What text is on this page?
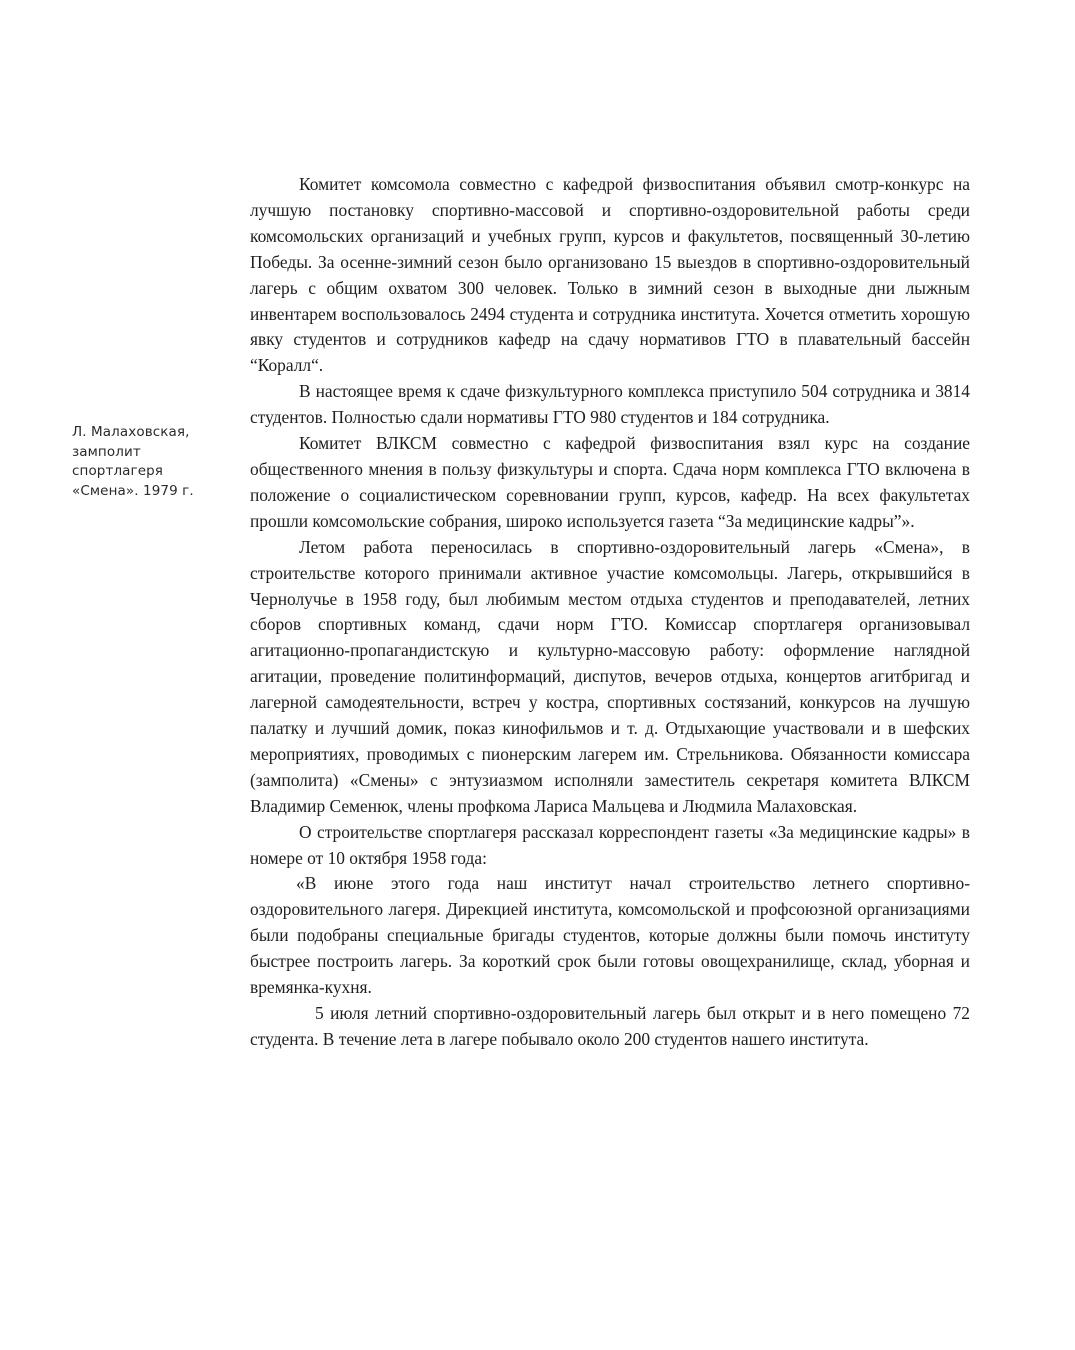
Л. Малаховская,
замполит
спортлагеря
«Смена». 1979 г.

Комитет комсомола совместно с кафедрой физвоспитания объявил смотр-конкурс на лучшую постановку спортивно-массовой и спортивно-оздоровительной работы среди комсомольских организаций и учебных групп, курсов и факультетов, посвященный 30-летию Победы. За осенне-зимний сезон было организовано 15 выездов в спортивно-оздоровительный лагерь с общим охватом 300 человек. Только в зимний сезон в выходные дни лыжным инвентарем воспользовалось 2494 студента и сотрудника института. Хочется отметить хорошую явку студентов и сотрудников кафедр на сдачу нормативов ГТО в плавательный бассейн “Коралл“.

В настоящее время к сдаче физкультурного комплекса приступило 504 сотрудника и 3814 студентов. Полностью сдали нормативы ГТО 980 студентов и 184 сотрудника.

Комитет ВЛКСМ совместно с кафедрой физвоспитания взял курс на создание общественного мнения в пользу физкультуры и спорта. Сдача норм комплекса ГТО включена в положение о социалистическом соревновании групп, курсов, кафедр. На всех факультетах прошли комсомольские собрания, широко используется газета “За медицинские кадры”».

Летом работа переносилась в спортивно-оздоровительный лагерь «Смена», в строительстве которого принимали активное участие комсомольцы. Лагерь, открывшийся в Чернолучье в 1958 году, был любимым местом отдыха студентов и преподавателей, летних сборов спортивных команд, сдачи норм ГТО. Комиссар спортлагеря организовывал агитационно-пропагандистскую и культурно-массовую работу: оформление наглядной агитации, проведение политинформаций, диспутов, вечеров отдыха, концертов агитбригад и лагерной самодеятельности, встреч у костра, спортивных состязаний, конкурсов на лучшую палатку и лучший домик, показ кинофильмов и т. д. Отдыхающие участвовали и в шефских мероприятиях, проводимых с пионерским лагерем им. Стрельникова. Обязанности комиссара (замполита) «Смены» с энтузиазмом исполняли заместитель секретаря комитета ВЛКСМ Владимир Семенюк, члены профкома Лариса Мальцева и Людмила Малаховская.

О строительстве спортлагеря рассказал корреспондент газеты «За медицинские кадры» в номере от 10 октября 1958 года:

«В июне этого года наш институт начал строительство летнего спортивно-оздоровительного лагеря. Дирекцией института, комсомольской и профсоюзной организациями были подобраны специальные бригады студентов, которые должны были помочь институту быстрее построить лагерь. За короткий срок были готовы овощехранилище, склад, уборная и времянка-кухня.

5 июля летний спортивно-оздоровительный лагерь был открыт и в него помещено 72 студента. В течение лета в лагере побывало около 200 студентов нашего института.
